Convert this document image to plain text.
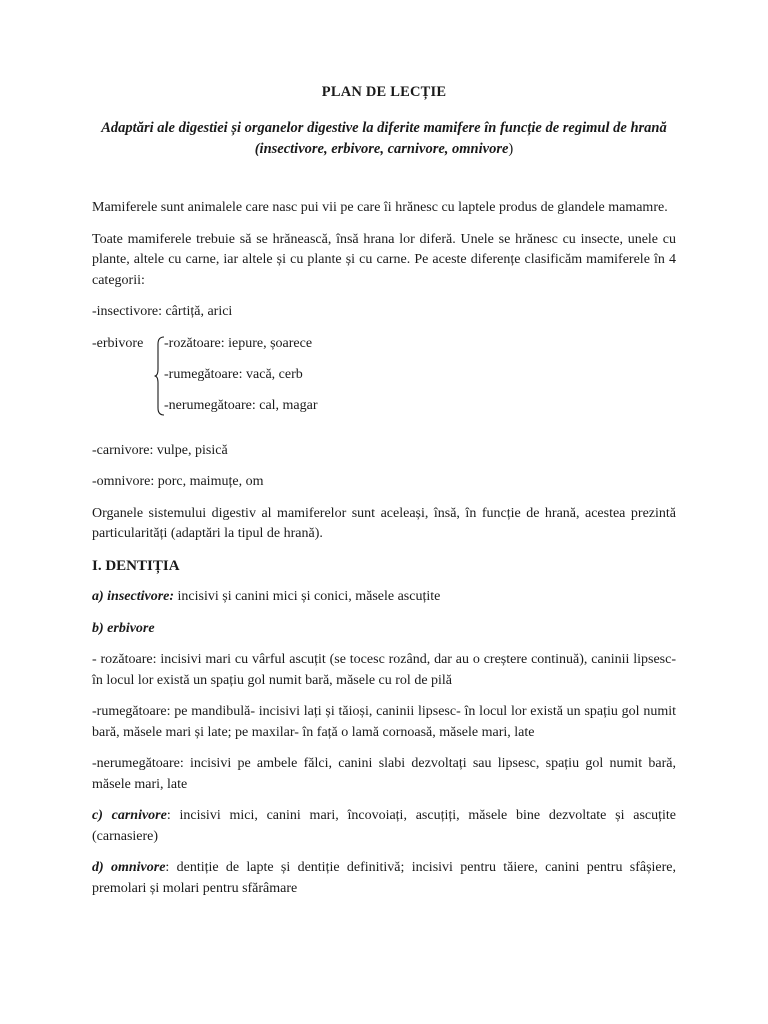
PLAN DE LECȚIE

Adaptări ale digestiei și organelor digestive la diferite mamifere în funcție de regimul de hrană (insectivore, erbivore, carnivore, omnivore)

Mamiferele sunt animalele care nasc pui vii pe care îi hrănesc cu laptele produs de glandele mamamre.

Toate mamiferele trebuie să se hrănească, însă hrana lor diferă. Unele se hrănesc cu insecte, unele cu plante, altele cu carne, iar altele și cu plante și cu carne. Pe aceste diferențe clasificăm mamiferele în 4 categorii:

-insectivore: cârtiță, arici

-erbivore -rozătoare: iepure, șoarece
-rumegătoare: vacă, cerb
-nerumegătoare: cal, magar

-carnivore: vulpe, pisică

-omnivore: porc, maimuțe, om

Organele sistemului digestiv al mamiferelor sunt aceleași, însă, în funcție de hrană, acestea prezintă particularități (adaptări la tipul de hrană).

I. DENTIȚIA

a) insectivore: incisivi și canini mici și conici, măsele ascuțite

b) erbivore

- rozătoare: incisivi mari cu vârful ascuțit (se tocesc rozând, dar au o creștere continuă), caninii lipsesc- în locul lor există un spațiu gol numit bară, măsele cu rol de pilă

-rumegătoare: pe mandibulă- incisivi lați și tăioși, caninii lipsesc- în locul lor există un spațiu gol numit bară, măsele mari și late; pe maxilar- în față o lamă cornoasă, măsele mari, late

-nerumegătoare: incisivi pe ambele fălci, canini slabi dezvoltați sau lipsesc, spațiu gol numit bară, măsele mari, late

c) carnivore: incisivi mici, canini mari, încovoiați, ascuțiți, măsele bine dezvoltate și ascuțite (carnasiere)

d) omnivore: dentiție de lapte și dentiție definitivă; incisivi pentru tăiere, canini pentru sfâșiere, premolari și molari pentru sfărâmare
